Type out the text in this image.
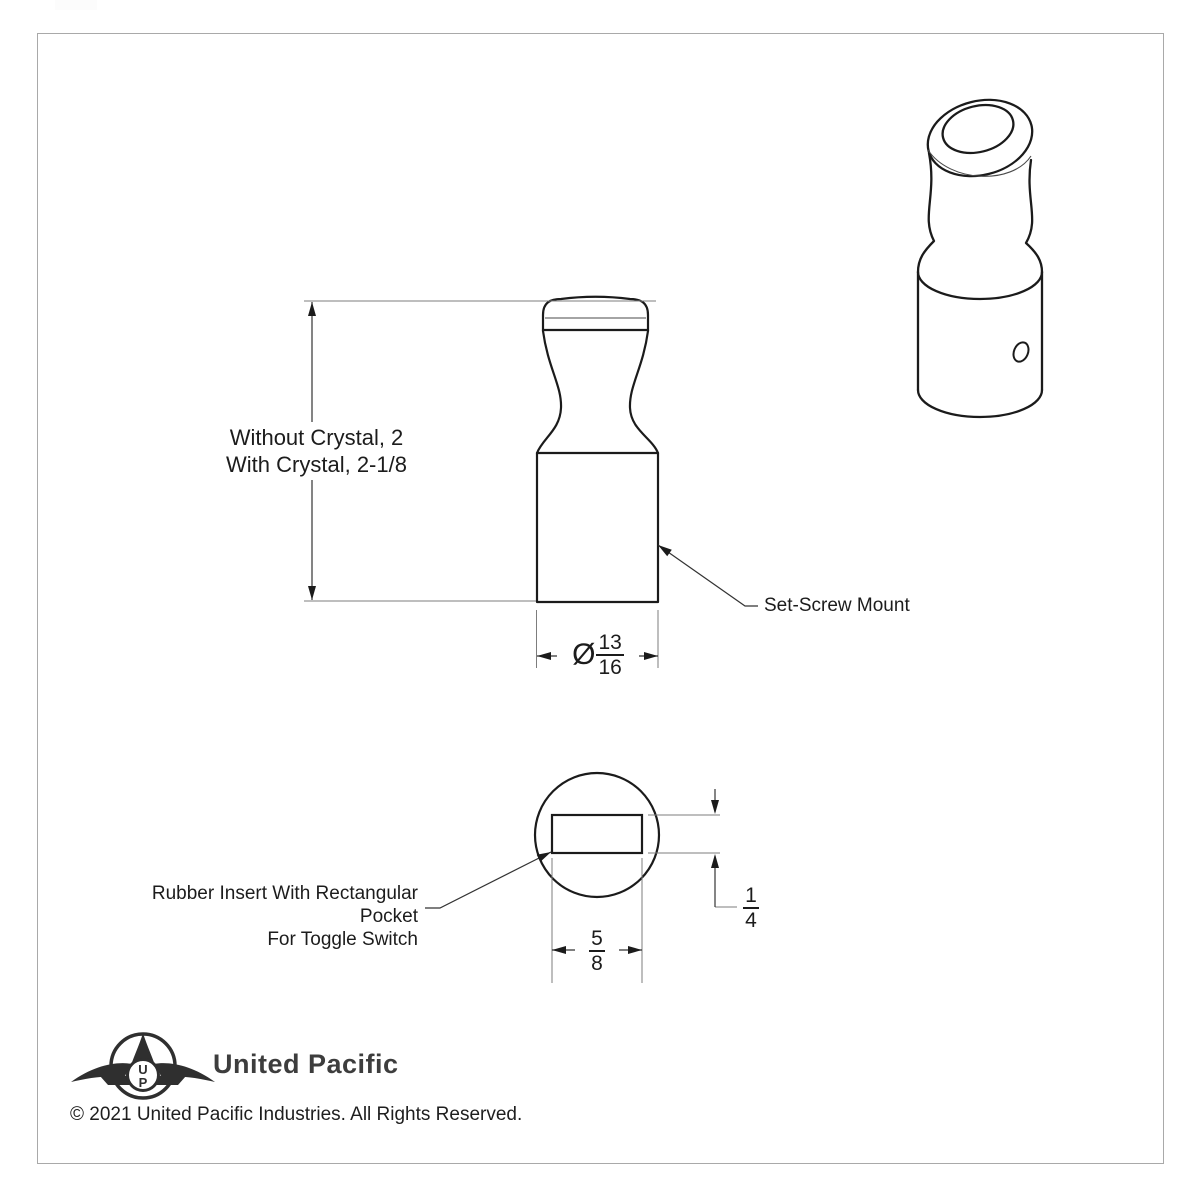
Without Crystal, 2
With Crystal, 2-1/8
Set-Screw Mount
Rubber Insert With Rectangular Pocket
For Toggle Switch
Ø $\frac{13}{16}$
$\frac{5}{8}$
$\frac{1}{4}$
U
P
United Pacific
© 2021 United Pacific Industries. All Rights Reserved.
